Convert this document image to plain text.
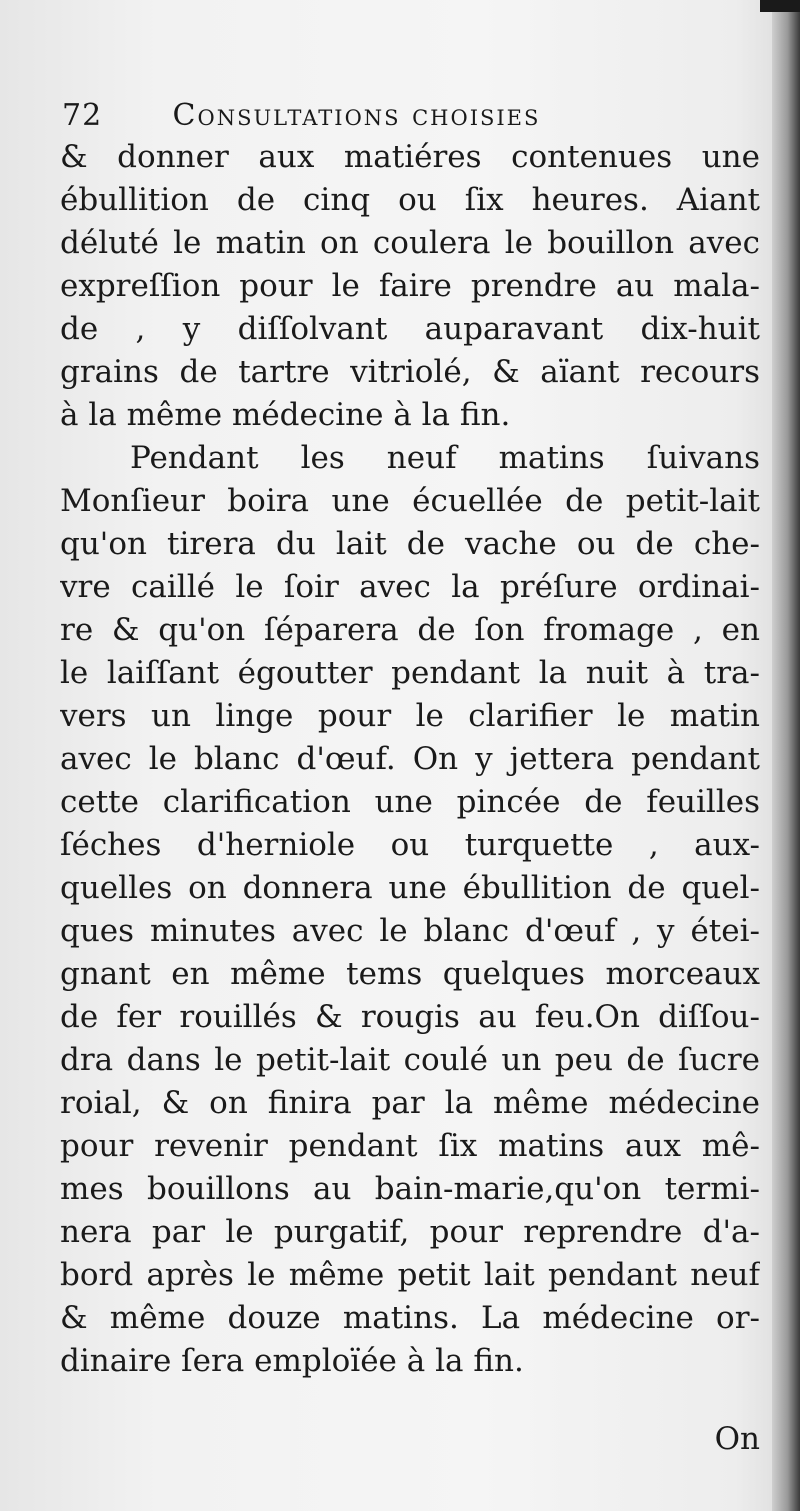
72 Consultations choisies
& donner aux matiéres contenues une
ébullition de cinq ou ſix heures. Aiant
déluté le matin on coulera le bouillon avec
expreſſion pour le faire prendre au mala-
de , y diſſolvant auparavant dix-huit
grains de tartre vitriolé, & aïant recours
à la même médecine à la fin.
Pendant les neuf matins ſuivans
Monſieur boira une écuellée de petit-lait
qu'on tirera du lait de vache ou de che-
vre caillé le ſoir avec la préſure ordinai-
re & qu'on ſéparera de ſon fromage , en
le laiſſant égoutter pendant la nuit à tra-
vers un linge pour le clarifier le matin
avec le blanc d'œuf. On y jettera pendant
cette clarification une pincée de feuilles
ſéches d'herniole ou turquette , aux-
quelles on donnera une ébullition de quel-
ques minutes avec le blanc d'œuf , y étei-
gnant en même tems quelques morceaux
de fer rouillés & rougis au feu.On diſſou-
dra dans le petit-lait coulé un peu de ſucre
roial, & on finira par la même médecine
pour revenir pendant ſix matins aux mê-
mes bouillons au bain-marie,qu'on termi-
nera par le purgatif, pour reprendre d'a-
bord après le même petit lait pendant neuf
& même douze matins. La médecine or-
dinaire ſera emploïée à la fin.
On
